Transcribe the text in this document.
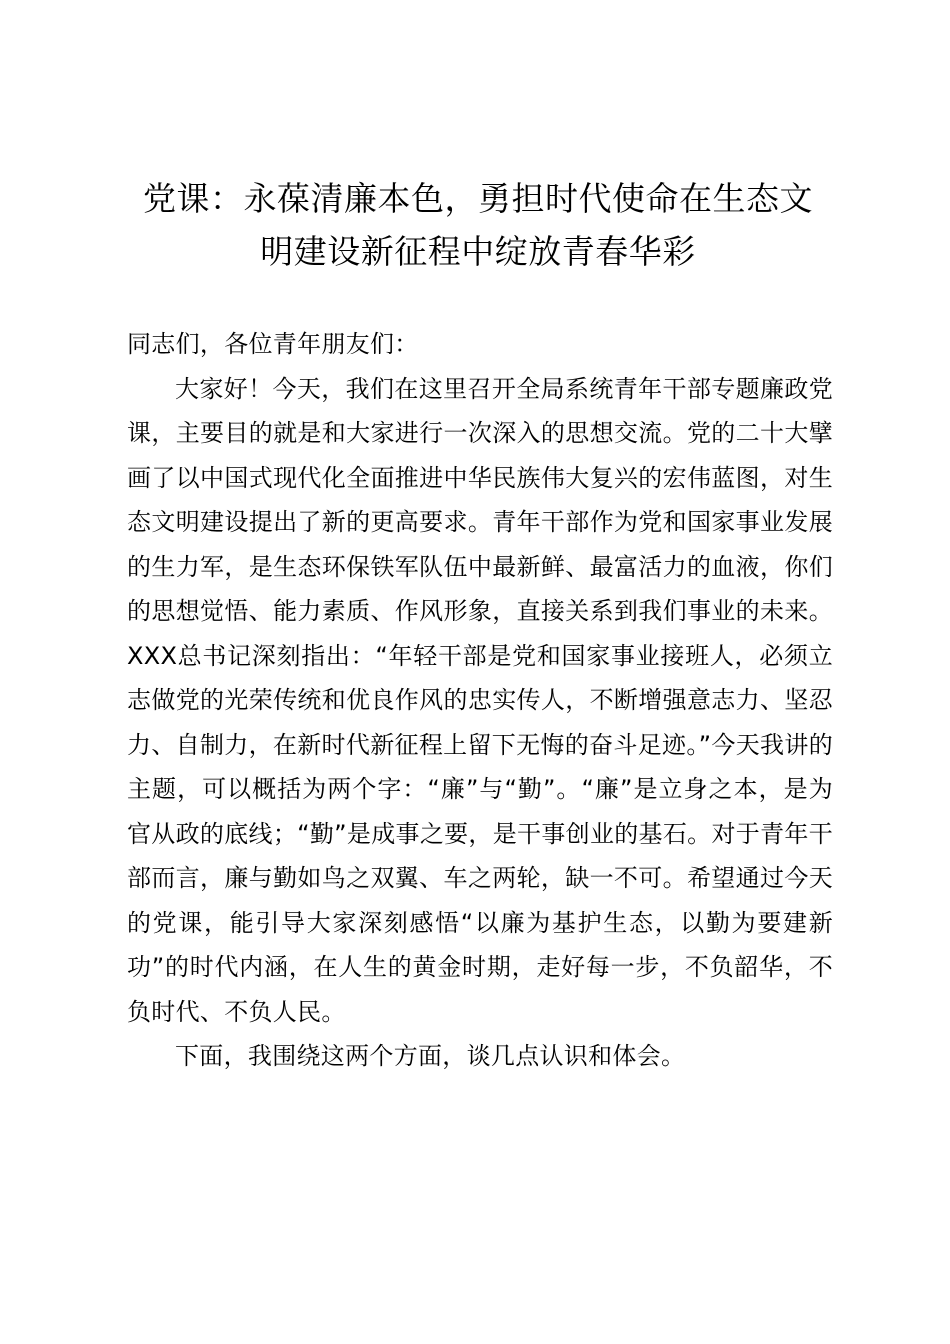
党课：永葆清廉本色，勇担时代使命在生态文
明建设新征程中绽放青春华彩

同志们，各位青年朋友们：

大家好！今天，我们在这里召开全局系统青年干部专题廉政党课，主要目的就是和大家进行一次深入的思想交流。党的二十大擘画了以中国式现代化全面推进中华民族伟大复兴的宏伟蓝图，对生态文明建设提出了新的更高要求。青年干部作为党和国家事业发展的生力军，是生态环保铁军队伍中最新鲜、最富活力的血液，你们的思想觉悟、能力素质、作风形象，直接关系到我们事业的未来。XXX总书记深刻指出：“年轻干部是党和国家事业接班人，必须立志做党的光荣传统和优良作风的忠实传人，不断增强意志力、坚忍力、自制力，在新时代新征程上留下无悔的奋斗足迹。”今天我讲的主题，可以概括为两个字：“廉”与“勤”。“廉”是立身之本，是为官从政的底线；“勤”是成事之要，是干事创业的基石。对于青年干部而言，廉与勤如鸟之双翼、车之两轮，缺一不可。希望通过今天的党课，能引导大家深刻感悟“以廉为基护生态，以勤为要建新功”的时代内涵，在人生的黄金时期，走好每一步，不负韶华，不负时代、不负人民。

下面，我围绕这两个方面，谈几点认识和体会。
